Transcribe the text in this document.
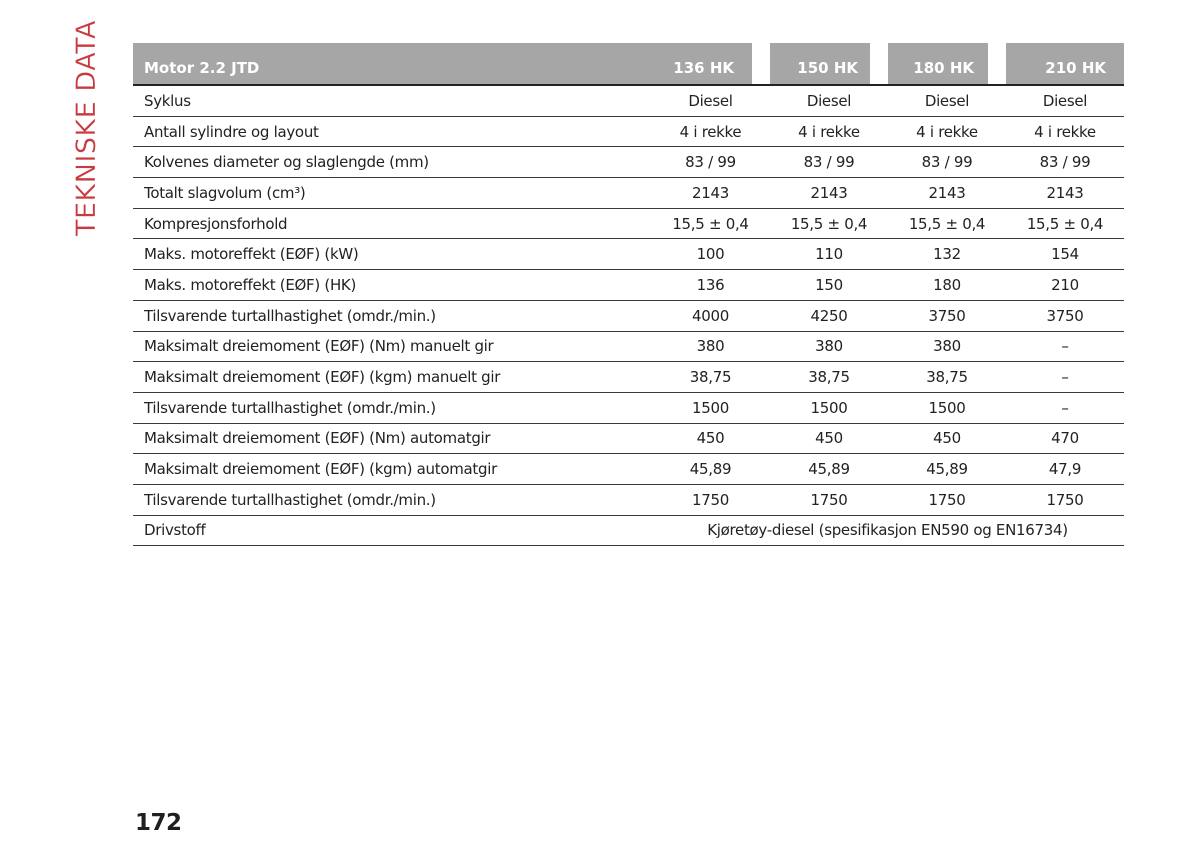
TEKNISKE DATA	Motor 2.2 JTD	136 HK	150 HK	180 HK	210 HK

Syklus	Diesel	Diesel	Diesel	Diesel
Antall sylindre og layout	4 i rekke	4 i rekke	4 i rekke	4 i rekke
Kolvenes diameter og slaglengde (mm)	83 / 99	83 / 99	83 / 99	83 / 99
Totalt slagvolum (cm³)	2143	2143	2143	2143
Kompresjonsforhold	15,5 ± 0,4	15,5 ± 0,4	15,5 ± 0,4	15,5 ± 0,4
Maks. motoreffekt (EØF) (kW)	100	110	132	154
Maks. motoreffekt (EØF) (HK)	136	150	180	210
Tilsvarende turtallhastighet (omdr./min.)	4000	4250	3750	3750
Maksimalt dreiemoment (EØF) (Nm) manuelt gir	380	380	380	–
Maksimalt dreiemoment (EØF) (kgm) manuelt gir	38,75	38,75	38,75	–
Tilsvarende turtallhastighet (omdr./min.)	1500	1500	1500	–
Maksimalt dreiemoment (EØF) (Nm) automatgir	450	450	450	470
Maksimalt dreiemoment (EØF) (kgm) automatgir	45,89	45,89	45,89	47,9
Tilsvarende turtallhastighet (omdr./min.)	1750	1750	1750	1750
Drivstoff	Kjøretøy-diesel (spesifikasjon EN590 og EN16734)			
172
